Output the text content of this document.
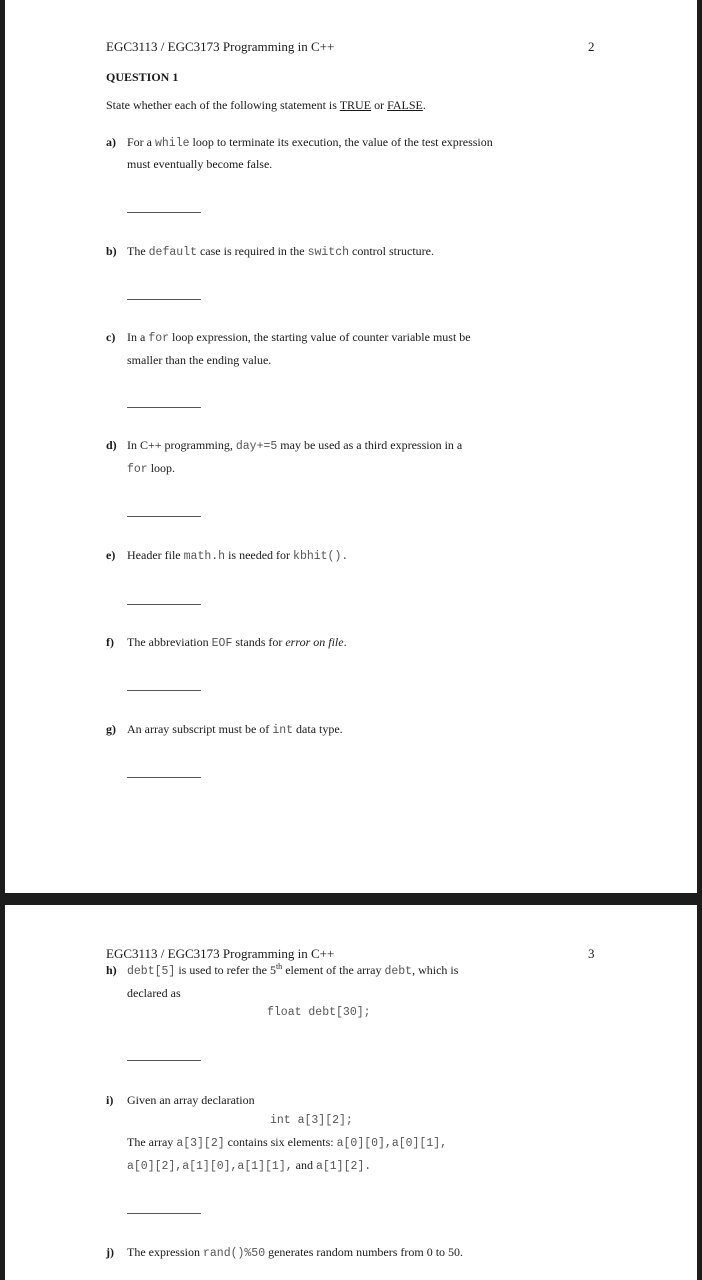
EGC3113 / EGC3173 Programming in C++	2
QUESTION 1
State whether each of the following statement is TRUE or FALSE.
a) For a while loop to terminate its execution, the value of the test expression
must eventually become false.
b) The default case is required in the switch control structure.
c) In a for loop expression, the starting value of counter variable must be
smaller than the ending value.
d) In C++ programming, day+=5 may be used as a third expression in a
for loop.
e) Header file math.h is needed for kbhit().
f) The abbreviation EOF stands for error on file.
g) An array subscript must be of int data type.
EGC3113 / EGC3173 Programming in C++	3
h) debt[5] is used to refer the 5th element of the array debt, which is
declared as
float debt[30];
i) Given an array declaration
int a[3][2];
The array a[3][2] contains six elements: a[0][0],a[0][1],
a[0][2],a[1][0],a[1][1], and a[1][2].
j) The expression rand()%50 generates random numbers from 0 to 50.
